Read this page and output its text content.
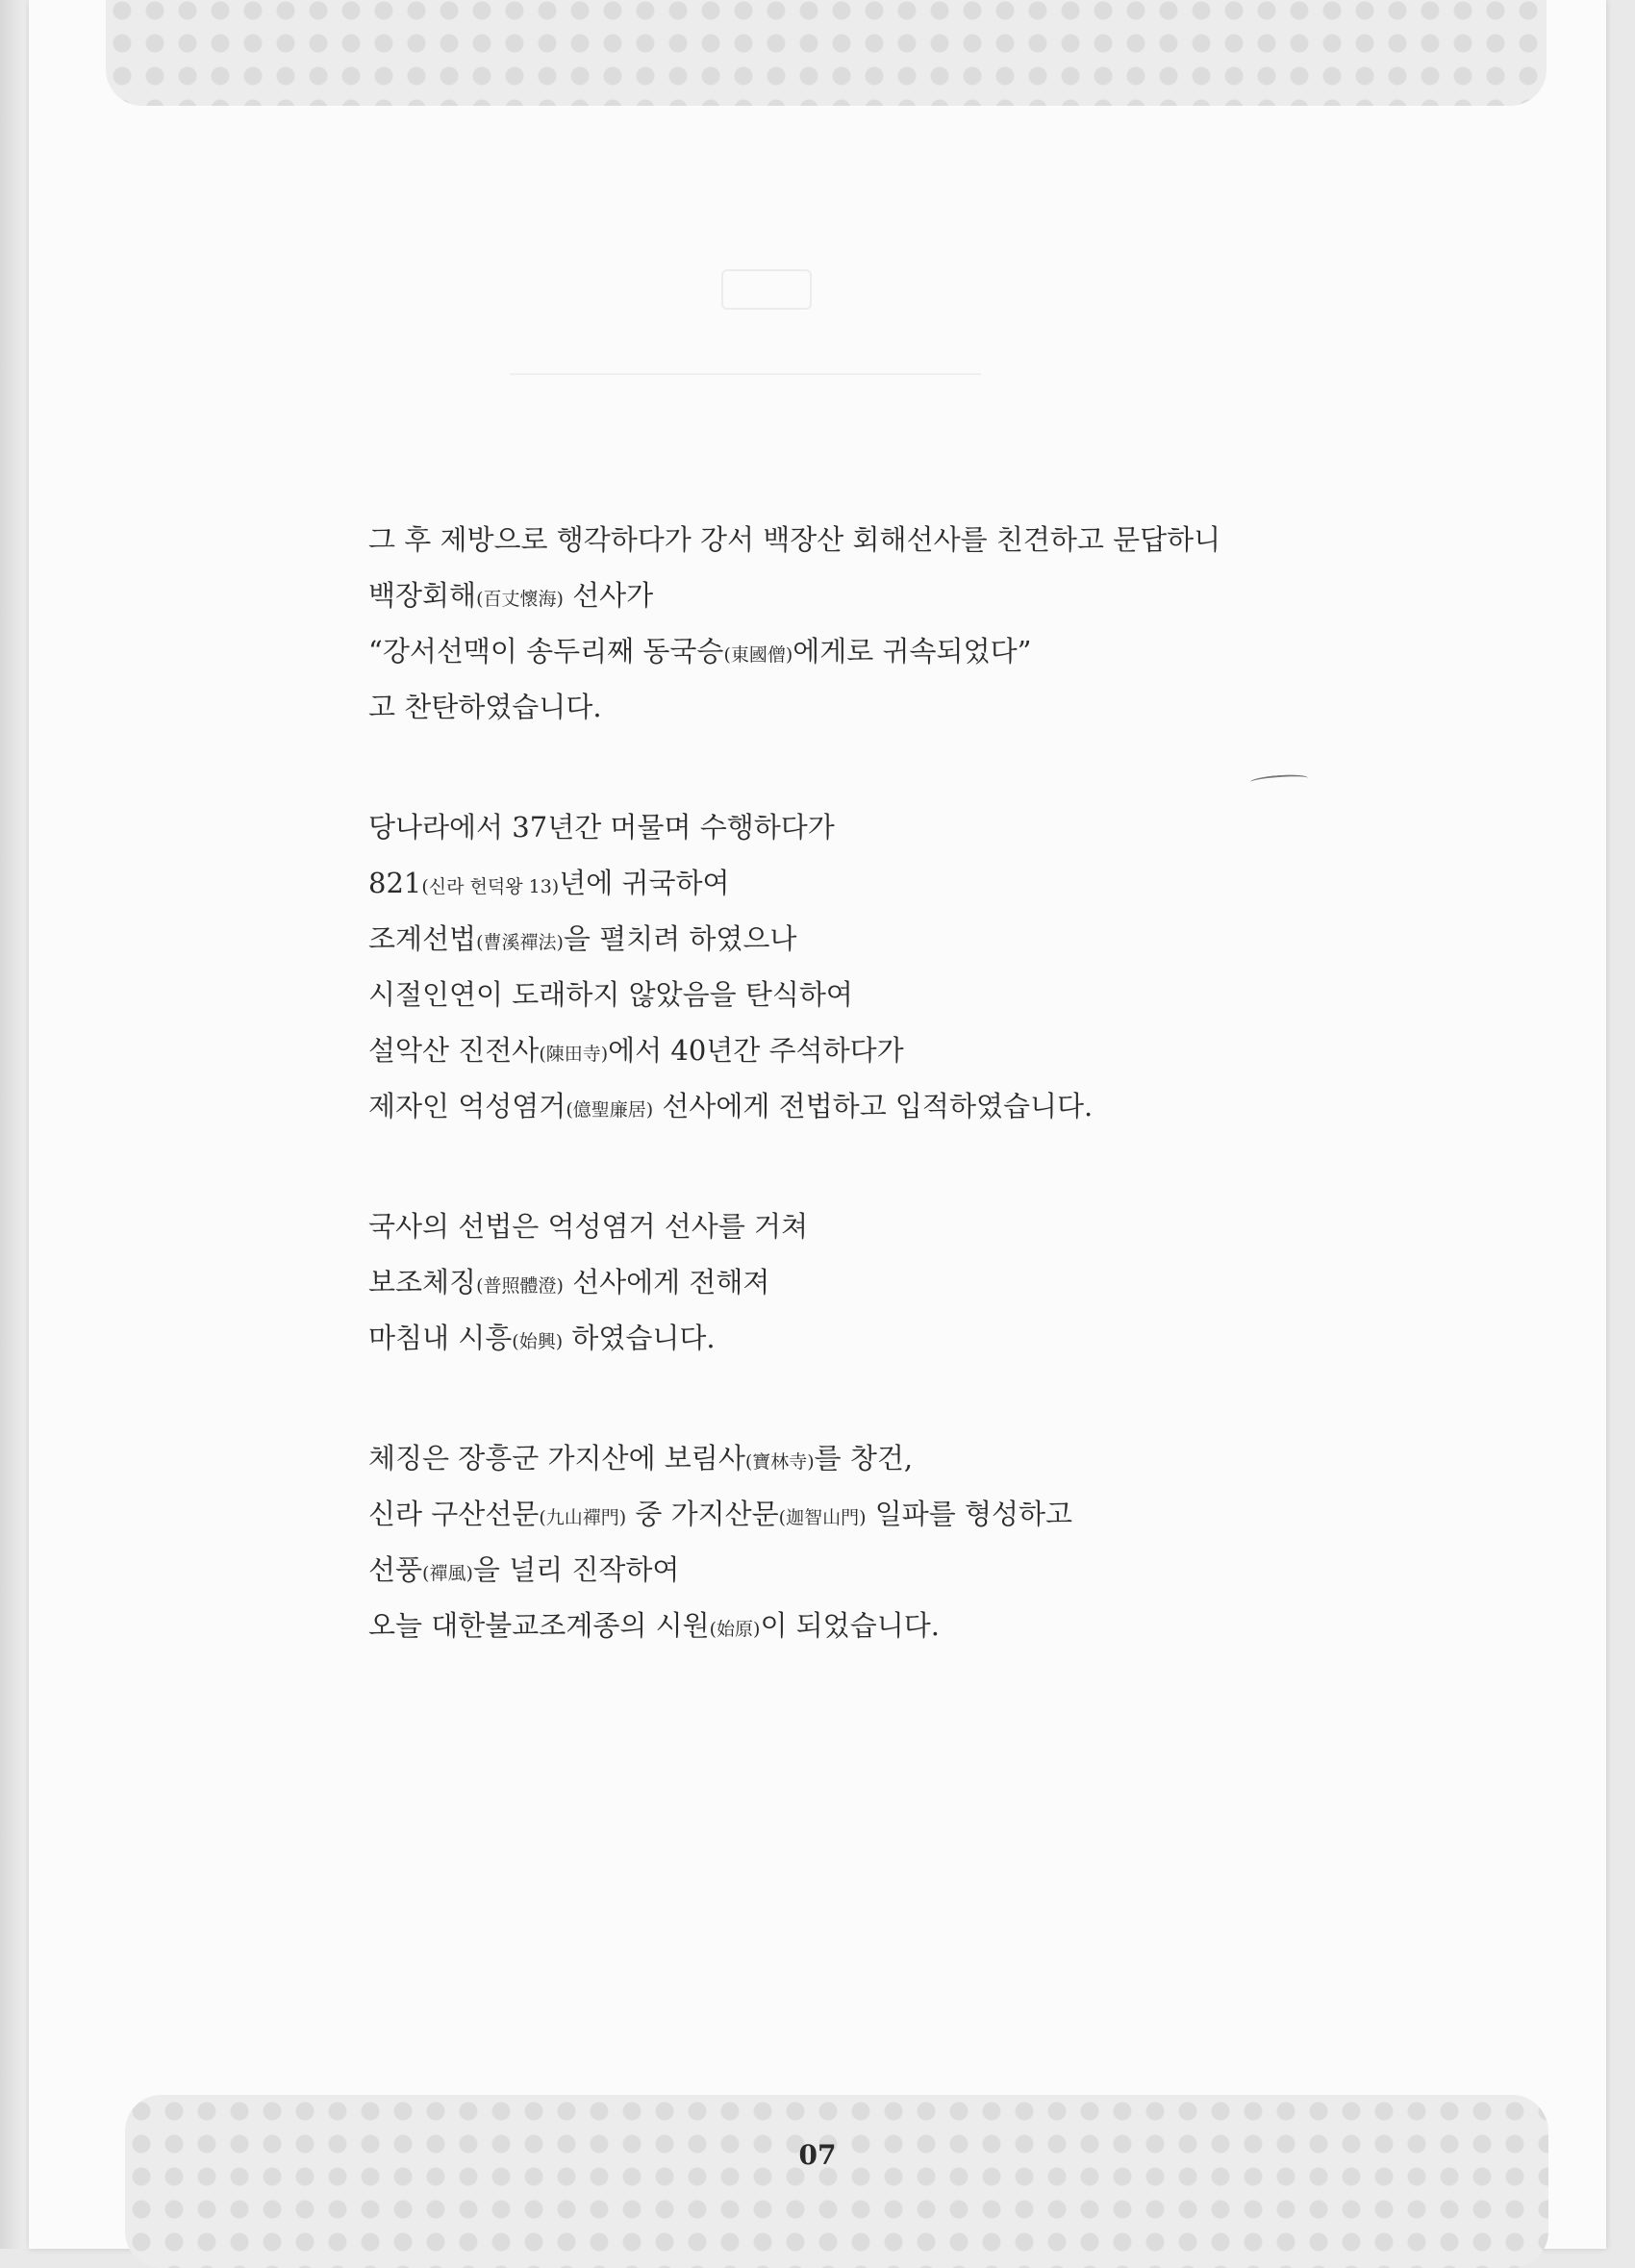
그 후 제방으로 행각하다가 강서 백장산 회해선사를 친견하고 문답하니
백장회해(百丈懷海) 선사가
“강서선맥이 송두리째 동국승(東國僧)에게로 귀속되었다”
고 찬탄하였습니다.
당나라에서 37년간 머물며 수행하다가
821(신라 헌덕왕 13)년에 귀국하여
조계선법(曹溪禪法)을 펼치려 하였으나
시절인연이 도래하지 않았음을 탄식하여
설악산 진전사(陳田寺)에서 40년간 주석하다가
제자인 억성염거(億聖廉居) 선사에게 전법하고 입적하였습니다.
국사의 선법은 억성염거 선사를 거쳐
보조체징(普照體澄) 선사에게 전해져
마침내 시흥(始興) 하였습니다.
체징은 장흥군 가지산에 보림사(寶林寺)를 창건,
신라 구산선문(九山禪門) 중 가지산문(迦智山門) 일파를 형성하고
선풍(禪風)을 널리 진작하여
오늘 대한불교조계종의 시원(始原)이 되었습니다.
07
